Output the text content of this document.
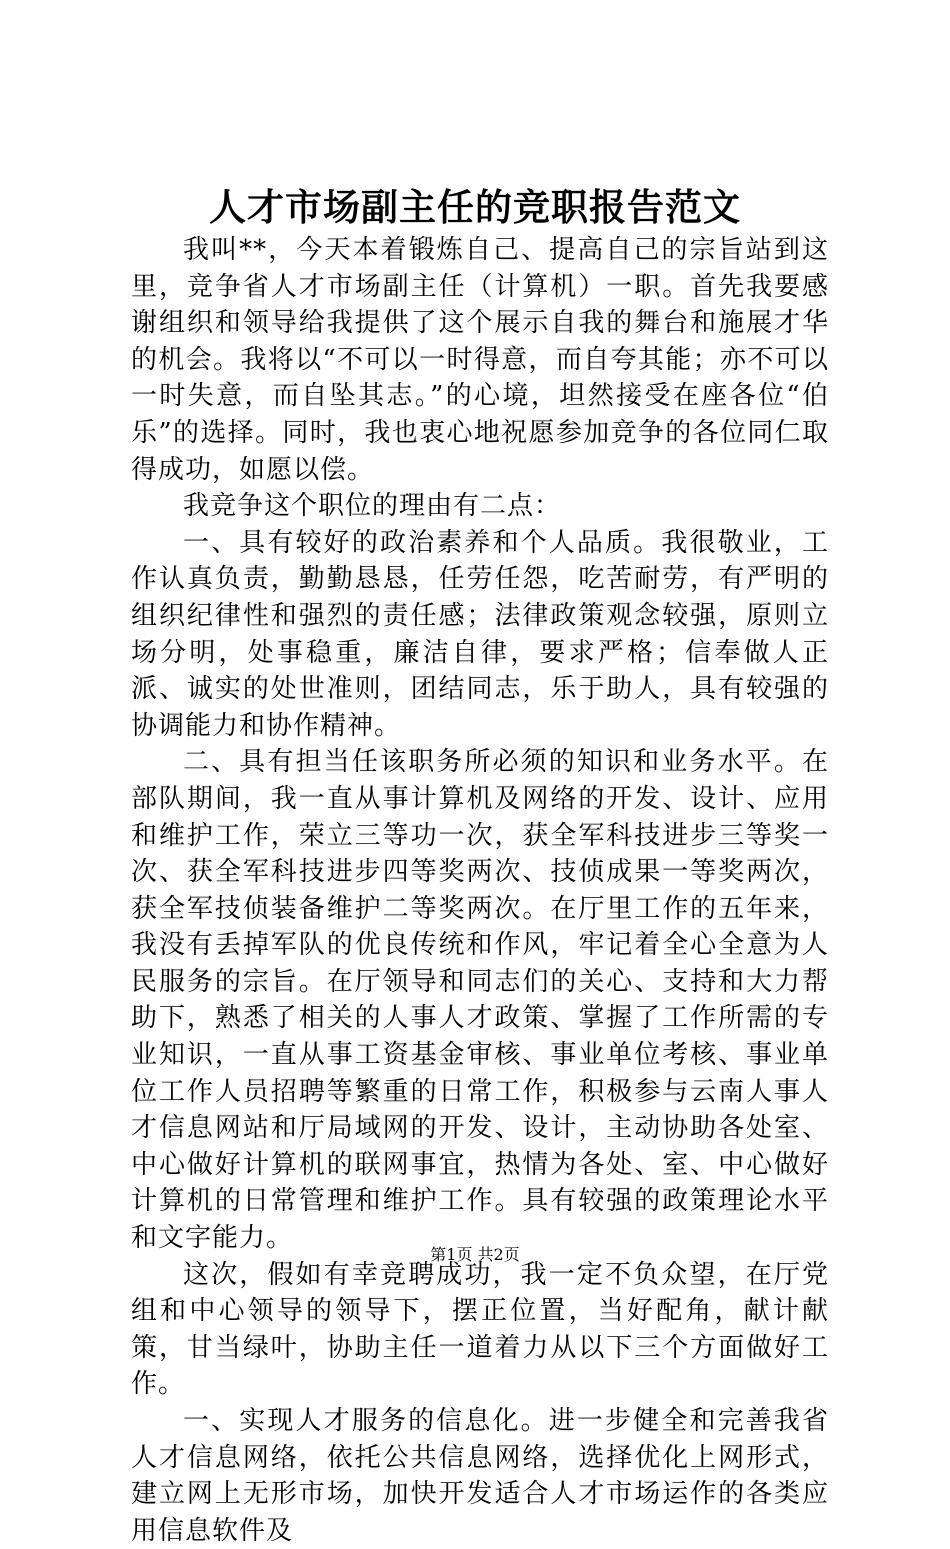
人才市场副主任的竞职报告范文

我叫**，今天本着锻炼自己、提高自己的宗旨站到这里，竞争省人才市场副主任（计算机）一职。首先我要感谢组织和领导给我提供了这个展示自我的舞台和施展才华的机会。我将以“不可以一时得意，而自夸其能；亦不可以一时失意，而自坠其志。”的心境，坦然接受在座各位“伯乐”的选择。同时，我也衷心地祝愿参加竞争的各位同仁取得成功，如愿以偿。

我竞争这个职位的理由有二点：

一、具有较好的政治素养和个人品质。我很敬业，工作认真负责，勤勤恳恳，任劳任怨，吃苦耐劳，有严明的组织纪律性和强烈的责任感；法律政策观念较强，原则立场分明，处事稳重，廉洁自律，要求严格；信奉做人正派、诚实的处世准则，团结同志，乐于助人，具有较强的协调能力和协作精神。

二、具有担当任该职务所必须的知识和业务水平。在部队期间，我一直从事计算机及网络的开发、设计、应用和维护工作，荣立三等功一次，获全军科技进步三等奖一次、获全军科技进步四等奖两次、技侦成果一等奖两次，获全军技侦装备维护二等奖两次。在厅里工作的五年来，我没有丢掉军队的优良传统和作风，牢记着全心全意为人民服务的宗旨。在厅领导和同志们的关心、支持和大力帮助下，熟悉了相关的人事人才政策、掌握了工作所需的专业知识，一直从事工资基金审核、事业单位考核、事业单位工作人员招聘等繁重的日常工作，积极参与云南人事人才信息网站和厅局域网的开发、设计，主动协助各处室、中心做好计算机的联网事宜，热情为各处、室、中心做好计算机的日常管理和维护工作。具有较强的政策理论水平和文字能力。

这次，假如有幸竞聘成功，我一定不负众望，在厅党组和中心领导的领导下，摆正位置，当好配角，献计献策，甘当绿叶，协助主任一道着力从以下三个方面做好工作。

一、实现人才服务的信息化。进一步健全和完善我省人才信息网络，依托公共信息网络，选择优化上网形式，建立网上无形市场，加快开发适合人才市场运作的各类应用信息软件及

第1页 共2页
